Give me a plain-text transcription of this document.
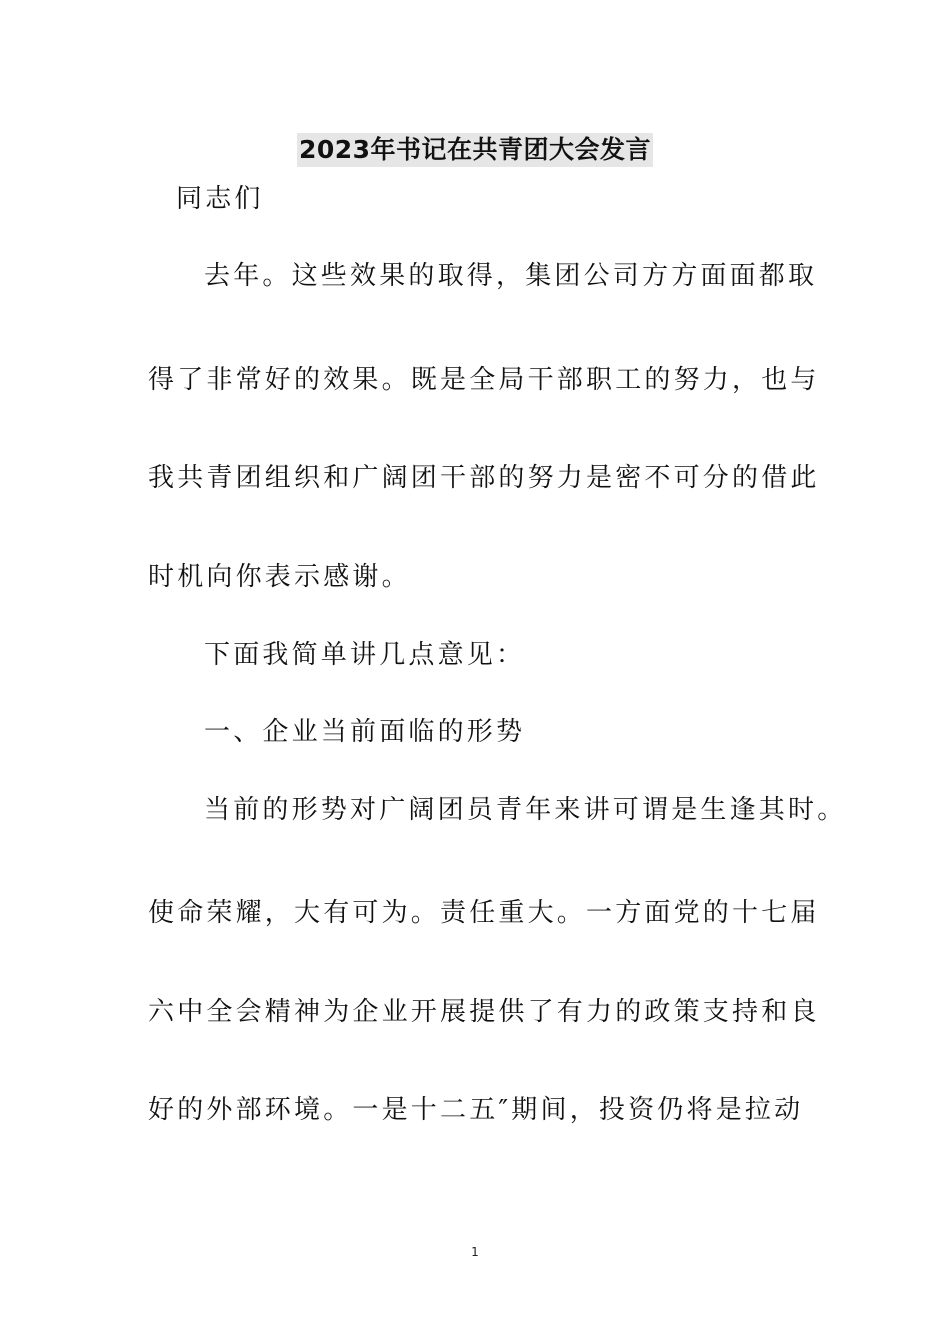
2023年书记在共青团大会发言
同志们
去年。这些效果的取得，集团公司方方面面都取
得了非常好的效果。既是全局干部职工的努力，也与
我共青团组织和广阔团干部的努力是密不可分的借此
时机向你表示感谢。
下面我简单讲几点意见：
一、企业当前面临的形势
当前的形势对广阔团员青年来讲可谓是生逢其时。
使命荣耀，大有可为。责任重大。一方面党的十七届
六中全会精神为企业开展提供了有力的政策支持和良
好的外部环境。一是十二五″期间，投资仍将是拉动
1
